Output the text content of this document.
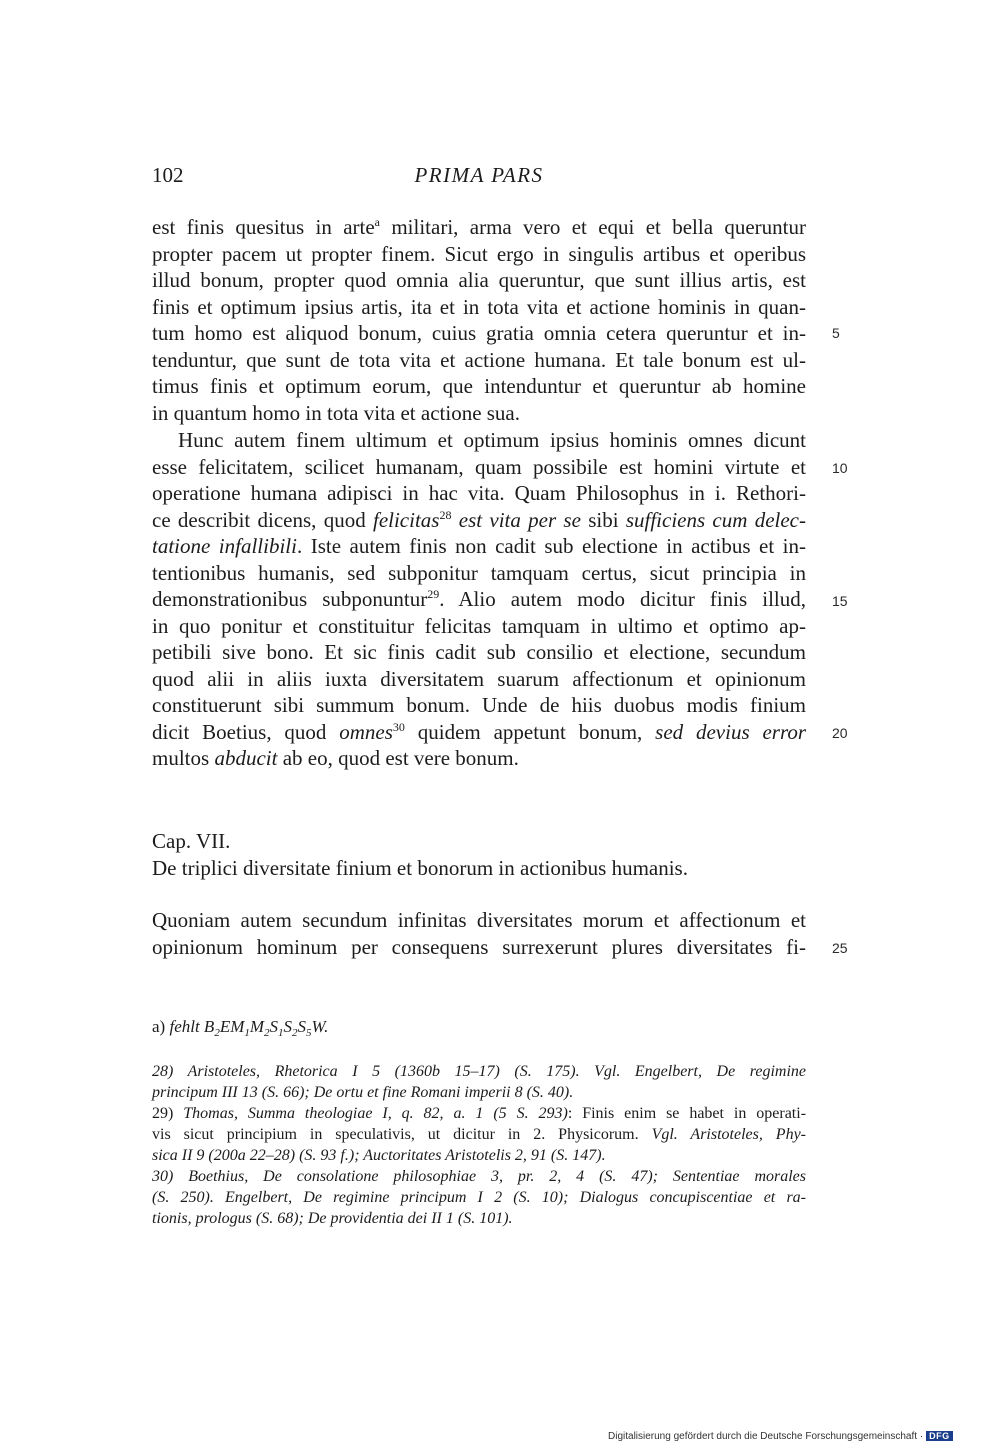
102	PRIMA PARS
est finis quesitus in arte$^a$ militari, arma vero et equi et bella queruntur
propter pacem ut propter finem. Sicut ergo in singulis artibus et operibus
illud bonum, propter quod omnia alia queruntur, que sunt illius artis, est
finis et optimum ipsius artis, ita et in tota vita et actione hominis in quan-
tum homo est aliquod bonum, cuius gratia omnia cetera queruntur et in-
tenduntur, que sunt de tota vita et actione humana. Et tale bonum est ul-
timus finis et optimum eorum, que intenduntur et queruntur ab homine
in quantum homo in tota vita et actione sua.
Hunc autem finem ultimum et optimum ipsius hominis omnes dicunt
esse felicitatem, scilicet humanam, quam possibile est homini virtute et
operatione humana adipisci in hac vita. Quam Philosophus in i. Rethori-
ce describit dicens, quod felicitas$^{28}$ est vita per se sibi sufficiens cum delec-
tatione infallibili. Iste autem finis non cadit sub electione in actibus et in-
tentionibus humanis, sed subponitur tamquam certus, sicut principia in
demonstrationibus subponuntur$^{29}$. Alio autem modo dicitur finis illud,
in quo ponitur et constituitur felicitas tamquam in ultimo et optimo ap-
petibili sive bono. Et sic finis cadit sub consilio et electione, secundum
quod alii in aliis iuxta diversitatem suarum affectionum et opinionum
constituerunt sibi summum bonum. Unde de hiis duobus modis finium
dicit Boetius, quod omnes$^{30}$ quidem appetunt bonum, sed devius error
multos abducit ab eo, quod est vere bonum.
5
10
15
20
25
Cap. VII.
De triplici diversitate finium et bonorum in actionibus humanis.
Quoniam autem secundum infinitas diversitates morum et affectionum et
opinionum hominum per consequens surrexerunt plures diversitates fi-
a) fehlt $B_2EM_1M_2S_1S_2S_5W$.
28) Aristoteles, Rhetorica I 5 (1360b 15–17) (S. 175). Vgl. Engelbert, De regimine
principum III 13 (S. 66); De ortu et fine Romani imperii 8 (S. 40).
29) Thomas, Summa theologiae I, q. 82, a. 1 (5 S. 293): Finis enim se habet in operati-
vis sicut principium in speculativis, ut dicitur in 2. Physicorum. Vgl. Aristoteles, Phy-
sica II 9 (200a 22–28) (S. 93 f.); Auctoritates Aristotelis 2, 91 (S. 147).
30) Boethius, De consolatione philosophiae 3, pr. 2, 4 (S. 47); Sententiae morales
(S. 250). Engelbert, De regimine principum I 2 (S. 10); Dialogus concupiscentiae et ra-
tionis, prologus (S. 68); De providentia dei II 1 (S. 101).
Digitalisierung gefördert durch die Deutsche Forschungsgemeinschaft · DFG
